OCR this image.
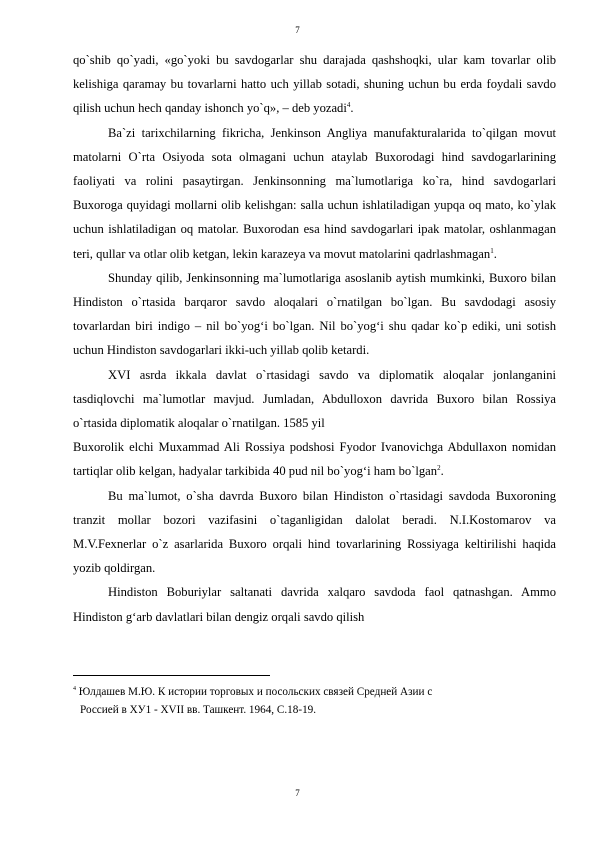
7

qo`shib qo`yadi, «go`yoki bu savdogarlar shu darajada qashshoqki, ular kam tovarlar olib kelishiga qaramay bu tovarlarni hatto uch yillab sotadi, shuning uchun bu erda foydali savdo qilish uchun hech qanday ishonch yo`q», – deb yozadi$^4$.

Ba`zi tarixchilarning fikricha, Jenkinson Angliya manufakturalarida to`qilgan movut matolarni O`rta Osiyoda sota olmagani uchun ataylab Buxorodagi hind savdogarlarining faoliyati va rolini pasaytirgan. Jenkinsonning ma`lumotlariga ko`ra, hind savdogarlari Buxoroga quyidagi mollarni olib kelishgan: salla uchun ishlatiladigan yupqa oq mato, ko`ylak uchun ishlatiladigan oq matolar. Buxorodan esa hind savdogarlari ipak matolar, oshlanmagan teri, qullar va otlar olib ketgan, lekin karazeya va movut matolarini qadrlashmagan$^1$.

Shunday qilib, Jenkinsonning ma`lumotlariga asoslanib aytish mumkinki, Buxoro bilan Hindiston o`rtasida barqaror savdo aloqalari o`rnatilgan bo`lgan. Bu savdodagi asosiy tovarlardan biri indigo – nil bo`yog‘i bo`lgan. Nil bo`yog‘i shu qadar ko`p ediki, uni sotish uchun Hindiston savdogarlari ikki-uch yillab qolib ketardi.

XVI asrda ikkala davlat o`rtasidagi savdo va diplomatik aloqalar jonlanganini tasdiqlovchi ma`lumotlar mavjud. Jumladan, Abdulloxon davrida Buxoro bilan Rossiya o`rtasida diplomatik aloqalar o`rnatilgan. 1585 yil

Buxorolik elchi Muxammad Ali Rossiya podshosi Fyodor Ivanovichga Abdullaxon nomidan tartiqlar olib kelgan, hadyalar tarkibida 40 pud nil bo`yog‘i ham bo`lgan$^2$.

Bu ma`lumot, o`sha davrda Buxoro bilan Hindiston o`rtasidagi savdoda Buxoroning tranzit mollar bozori vazifasini o`taganligidan dalolat beradi. N.I.Kostomarov va M.V.Fexnerlar o`z asarlarida Buxoro orqali hind tovarlarining Rossiyaga keltirilishi haqida yozib qoldirgan.

Hindiston Boburiylar saltanati davrida xalqaro savdoda faol qatnashgan. Ammo Hindiston g‘arb davlatlari bilan dengiz orqali savdo qilish

$^4$ Юлдашев М.Ю. К истории торговых и посольских связей Средней Азии с
Россией в ХУ1 - XVII вв. Ташкент. 1964, С.18-19.
7
